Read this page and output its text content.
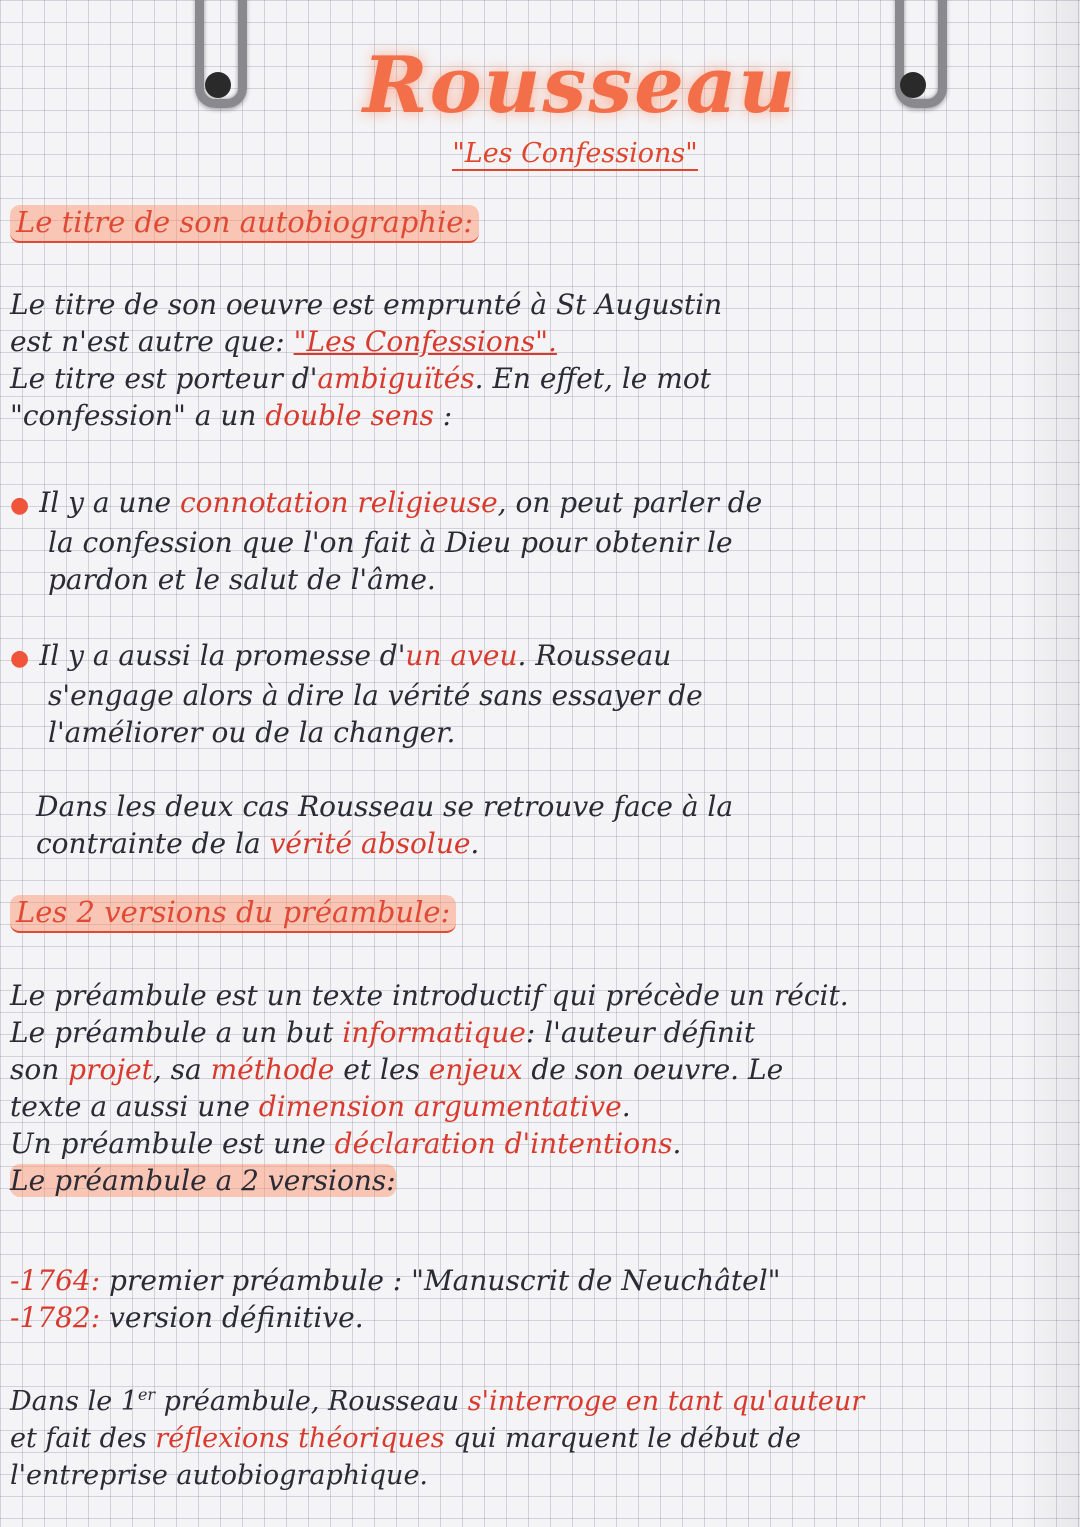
Rousseau
"Les Confessions"
Le titre de son autobiographie:
Le titre de son oeuvre est emprunté à St Augustin
est n'est autre que: "Les Confessions".
Le titre est porteur d'ambiguïtés. En effet, le mot
"confession" a un double sens :
● Il y a une connotation religieuse, on peut parler de
la confession que l'on fait à Dieu pour obtenir le
pardon et le salut de l'âme.
● Il y a aussi la promesse d'un aveu. Rousseau
s'engage alors à dire la vérité sans essayer de
l'améliorer ou de la changer.
Dans les deux cas Rousseau se retrouve face à la
contrainte de la vérité absolue.
Les 2 versions du préambule:
Le préambule est un texte introductif qui précède un récit.
Le préambule a un but informatique: l'auteur définit
son projet, sa méthode et les enjeux de son oeuvre. Le
texte a aussi une dimension argumentative.
Un préambule est une déclaration d'intentions.
Le préambule a 2 versions:
-1764: premier préambule : "Manuscrit de Neuchâtel"
-1782: version définitive.
Dans le 1er préambule, Rousseau s'interroge en tant qu'auteur
et fait des réflexions théoriques qui marquent le début de
l'entreprise autobiographique.
